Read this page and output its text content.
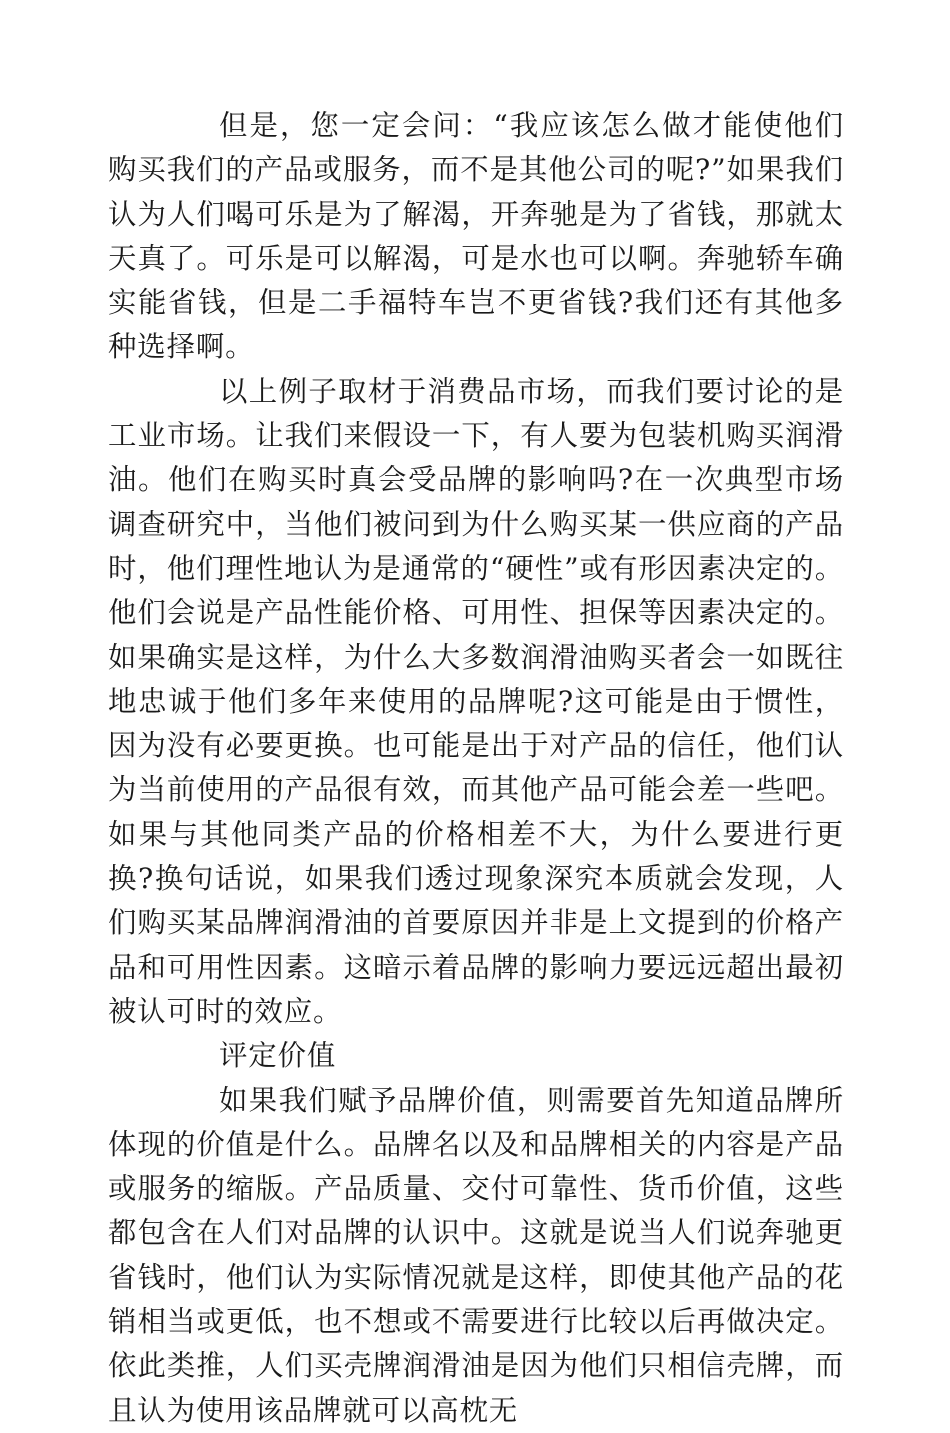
但是，您一定会问：“我应该怎么做才能使他们购买我们的产品或服务，而不是其他公司的呢?”如果我们认为人们喝可乐是为了解渴，开奔驰是为了省钱，那就太天真了。可乐是可以解渴，可是水也可以啊。奔驰轿车确实能省钱，但是二手福特车岂不更省钱?我们还有其他多种选择啊。

以上例子取材于消费品市场，而我们要讨论的是工业市场。让我们来假设一下，有人要为包装机购买润滑油。他们在购买时真会受品牌的影响吗?在一次典型市场调查研究中，当他们被问到为什么购买某一供应商的产品时，他们理性地认为是通常的“硬性”或有形因素决定的。他们会说是产品性能价格、可用性、担保等因素决定的。如果确实是这样，为什么大多数润滑油购买者会一如既往地忠诚于他们多年来使用的品牌呢?这可能是由于惯性，因为没有必要更换。也可能是出于对产品的信任，他们认为当前使用的产品很有效，而其他产品可能会差一些吧。如果与其他同类产品的价格相差不大，为什么要进行更换?换句话说，如果我们透过现象深究本质就会发现，人们购买某品牌润滑油的首要原因并非是上文提到的价格产品和可用性因素。这暗示着品牌的影响力要远远超出最初被认可时的效应。

评定价值

如果我们赋予品牌价值，则需要首先知道品牌所体现的价值是什么。品牌名以及和品牌相关的内容是产品或服务的缩版。产品质量、交付可靠性、货币价值，这些都包含在人们对品牌的认识中。这就是说当人们说奔驰更省钱时，他们认为实际情况就是这样，即使其他产品的花销相当或更低，也不想或不需要进行比较以后再做决定。依此类推，人们买壳牌润滑油是因为他们只相信壳牌，而且认为使用该品牌就可以高枕无
